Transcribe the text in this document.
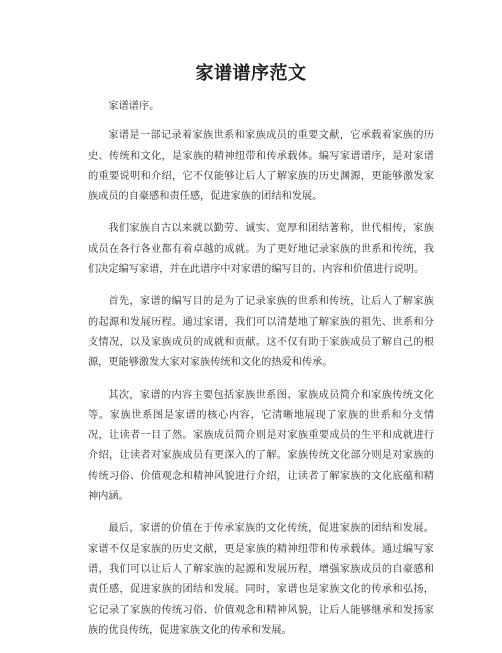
家谱谱序范文

家谱谱序。

家谱是一部记录着家族世系和家族成员的重要文献，它承载着家族的历史、传统和文化，是家族的精神纽带和传承载体。编写家谱谱序，是对家谱的重要说明和介绍，它不仅能够让后人了解家族的历史渊源，更能够激发家族成员的自豪感和责任感，促进家族的团结和发展。

我们家族自古以来就以勤劳、诚实、宽厚和团结著称，世代相传，家族成员在各行各业都有着卓越的成就。为了更好地记录家族的世系和传统，我们决定编写家谱，并在此谱序中对家谱的编写目的、内容和价值进行说明。

首先，家谱的编写目的是为了记录家族的世系和传统，让后人了解家族的起源和发展历程。通过家谱，我们可以清楚地了解家族的祖先、世系和分支情况，以及家族成员的成就和贡献。这不仅有助于家族成员了解自己的根源，更能够激发大家对家族传统和文化的热爱和传承。

其次，家谱的内容主要包括家族世系图、家族成员简介和家族传统文化等。家族世系图是家谱的核心内容，它清晰地展现了家族的世系和分支情况，让读者一目了然。家族成员简介则是对家族重要成员的生平和成就进行介绍，让读者对家族成员有更深入的了解。家族传统文化部分则是对家族的传统习俗、价值观念和精神风貌进行介绍，让读者了解家族的文化底蕴和精神内涵。

最后，家谱的价值在于传承家族的文化传统，促进家族的团结和发展。家谱不仅是家族的历史文献，更是家族的精神纽带和传承载体。通过编写家谱，我们可以让后人了解家族的起源和发展历程，增强家族成员的自豪感和责任感，促进家族的团结和发展。同时，家谱也是家族文化的传承和弘扬，它记录了家族的传统习俗、价值观念和精神风貌，让后人能够继承和发扬家族的优良传统，促进家族文化的传承和发展。
